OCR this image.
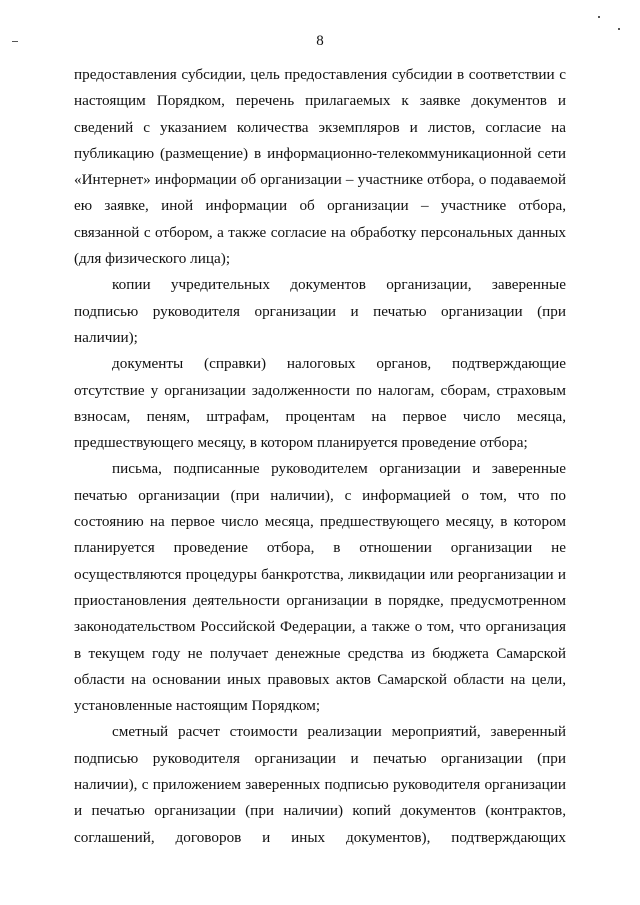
8

предоставления субсидии, цель предоставления субсидии в соответствии с
настоящим Порядком, перечень прилагаемых к заявке документов и
сведений с указанием количества экземпляров и листов, согласие на
публикацию (размещение) в информационно-телекоммуникационной сети
«Интернет» информации об организации – участнике отбора, о подаваемой
ею заявке, иной информации об организации – участнике отбора,
связанной с отбором, а также согласие на обработку персональных данных
(для физического лица);

копии учредительных документов организации, заверенные
подписью руководителя организации и печатью организации (при
наличии);

документы (справки) налоговых органов, подтверждающие
отсутствие у организации задолженности по налогам, сборам, страховым
взносам, пеням, штрафам, процентам на первое число месяца,
предшествующего месяцу, в котором планируется проведение отбора;

письма, подписанные руководителем организации и заверенные
печатью организации (при наличии), с информацией о том, что по
состоянию на первое число месяца, предшествующего месяцу, в котором
планируется проведение отбора, в отношении организации не
осуществляются процедуры банкротства, ликвидации или реорганизации и
приостановления деятельности организации в порядке, предусмотренном
законодательством Российской Федерации, а также о том, что организация
в текущем году не получает денежные средства из бюджета Самарской
области на основании иных правовых актов Самарской области на цели,
установленные настоящим Порядком;

сметный расчет стоимости реализации мероприятий, заверенный
подписью руководителя организации и печатью организации (при
наличии), с приложением заверенных подписью руководителя организации
и печатью организации (при наличии) копий документов (контрактов,
соглашений, договоров и иных документов), подтверждающих
